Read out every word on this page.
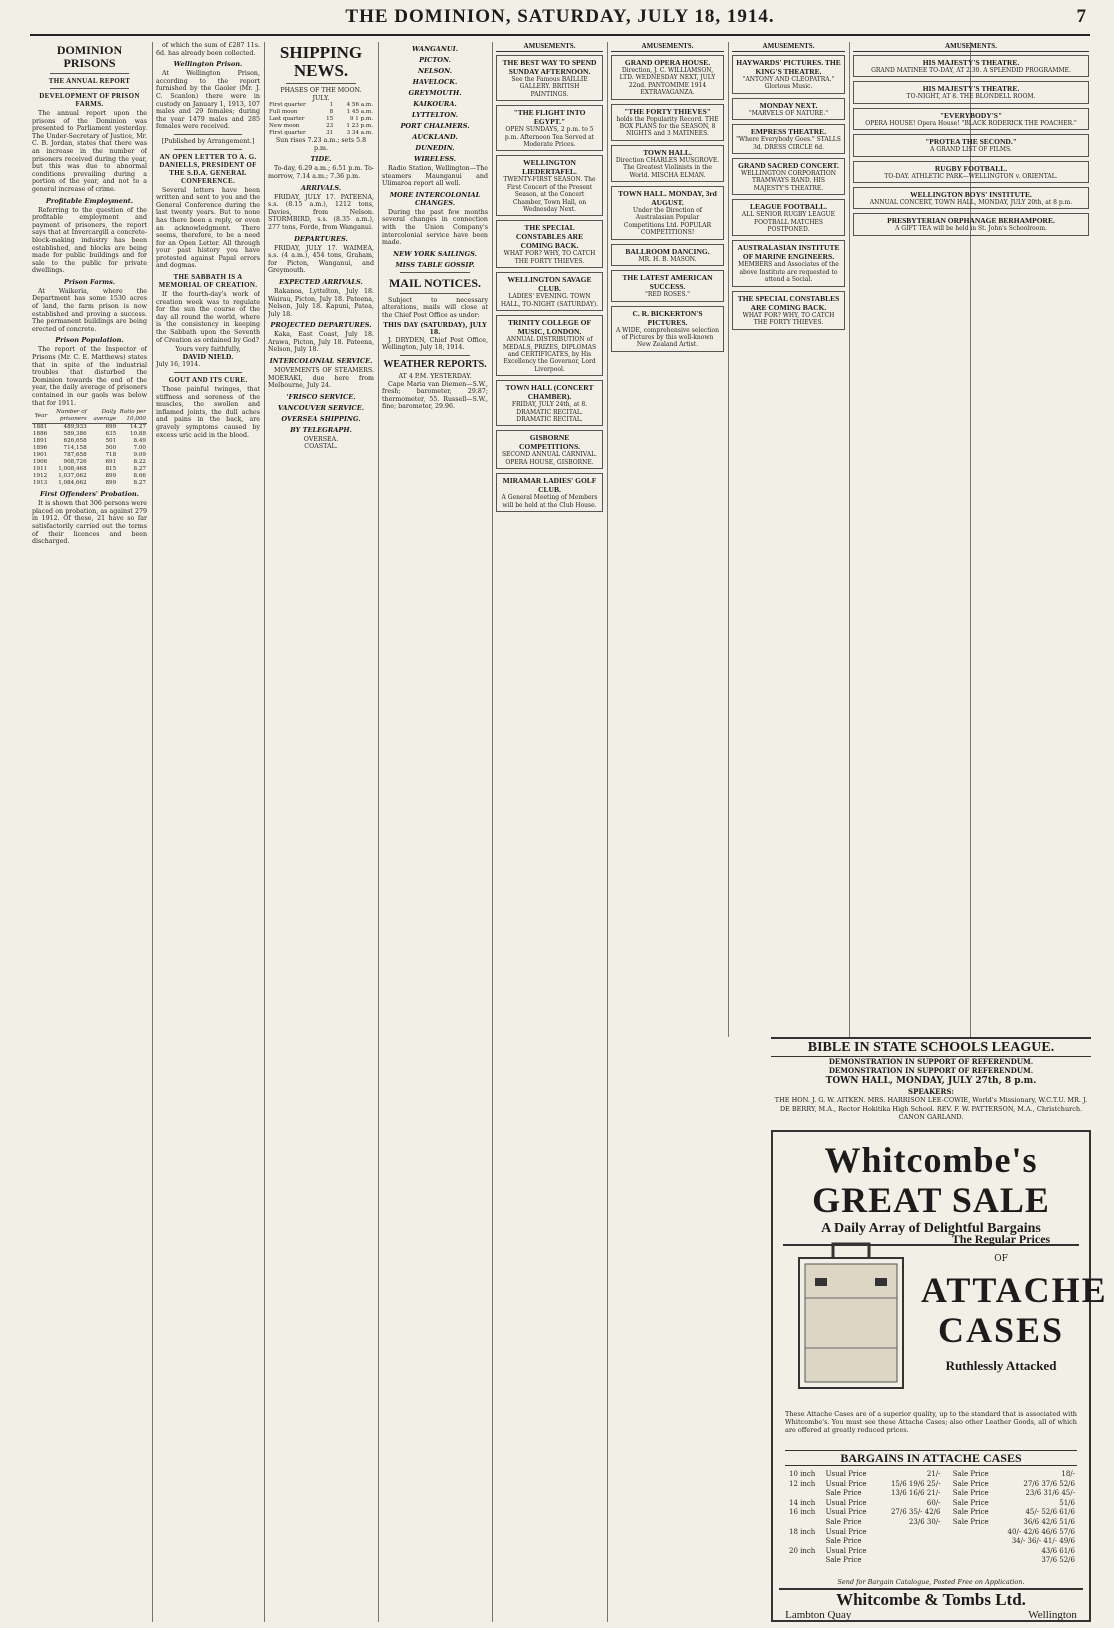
THE DOMINION, SATURDAY, JULY 18, 1914.	7
DOMINION PRISONS
THE ANNUAL REPORT
DEVELOPMENT OF PRISON FARMS.

The annual report upon the prisons of the Dominion was presented to Parliament yesterday. The Under-Secretary of Justice, Mr. C. B. Jordan, states that there was an increase in the number of prisoners received during the year, but this was due to abnormal conditions prevailing during a portion of the year, and not to a general increase of crime.

Profitable Employment.

Referring to the question of the profitable employment and payment of prisoners, the report says that at Invercargill a concrete-block-making industry has been established, and blocks are being made for public buildings and for sale to the public for private dwellings.

Prison Farms.

At Waikeria, where the Department has some 1530 acres of land, the farm prison is now established and proving a success. The permanent buildings are being erected of concrete.

Prison Population.

The report of the Inspector of Prisons (Mr. C. E. Matthews) states that in spite of the industrial troubles that disturbed the Dominion towards the end of the year, the daily average of prisoners contained in our gaols was below that for 1911.

Year	Number of prisoners	Daily average	Ratio per 10,000
1881	489,933	699	14.27
1886	589,386	635	10.88
1891	626,658	501	8.49
1896	714,158	500	7.00
1901	787,658	718	9.09
1906	908,726	691	8.22
1911	1,008,468	815	8.27
1912	1,037,062	899	8.66
1913	1,084,662	899	8.27
First Offenders' Probation.

It is shown that 306 persons were placed on probation, as against 279 in 1912. Of these, 21 have so far satisfactorily carried out the terms of their licences and been discharged.

of which the sum of £287 11s. 6d. has already been collected.

Wellington Prison.

At Wellington Prison, according to the report furnished by the Gaoler (Mr. J. C. Scanlon) there were in custody on January 1, 1913, 107 males and 29 females; during the year 1479 males and 285 females were received.

[Published by Arrangement.]
AN OPEN LETTER TO A. G. DANIELLS, PRESIDENT OF THE S.D.A. GENERAL CONFERENCE.

Several letters have been written and sent to you and the General Conference during the last twenty years. But to none has there been a reply, or even an acknowledgment. There seems, therefore, to be a need for an Open Letter. All through your past history you have protested against Papal errors and dogmas.

THE SABBATH IS A MEMORIAL OF CREATION.

If the fourth-day's work of creation week was to regulate for the sun the course of the day all round the world, where is the consistency in keeping the Sabbath upon the Seventh of Creation as ordained by God?

Yours very faithfully,
DAVID NIELD.
July 16, 1914.
GOUT AND ITS CURE.

Those painful twinges, that stiffness and soreness of the muscles, the swollen and inflamed joints, the dull aches and pains in the back, are gravely symptoms caused by excess uric acid in the blood.

SHIPPING NEWS.
PHASES OF THE MOON.
JULY.
First quarter	1	4 56 a.m.
Full moon	8	1 45 a.m.
Last quarter	15	9 1 p.m.
New moon	23	1 23 p.m.
First quarter	31	3 34 a.m.
Sun rises 7.23 a.m.; sets 5.8 p.m.
TIDE.

To-day, 6.29 a.m.; 6.51 p.m. To-morrow, 7.14 a.m.; 7.36 p.m.

ARRIVALS.

FRIDAY, JULY 17. PATEENA, s.s. (8.15 a.m.), 1212 tons, Davies, from Nelson. STORMBIRD, s.s. (8.35 a.m.), 277 tons, Forde, from Wanganui.

DEPARTURES.

FRIDAY, JULY 17. WAIMEA, s.s. (4 a.m.), 454 tons, Graham, for Picton, Wanganui, and Greymouth.

EXPECTED ARRIVALS.

Rakanoa, Lyttelton, July 18. Wairau, Picton, July 18. Pateena, Nelson, July 18. Kapuni, Patea, July 18.

PROJECTED DEPARTURES.

Kaka, East Coast, July 18. Arawa, Picton, July 18. Pateena, Nelson, July 18.

INTERCOLONIAL SERVICE.

MOVEMENTS OF STEAMERS. MOERAKI, due here from Melbourne, July 24.

'FRISCO SERVICE.
VANCOUVER SERVICE.
OVERSEA SHIPPING.
BY TELEGRAPH.
OVERSEA.
COASTAL.
WANGANUI.
PICTON.
NELSON.
HAVELOCK.
GREYMOUTH.
KAIKOURA.
LYTTELTON.
PORT CHALMERS.
AUCKLAND.
DUNEDIN.
WIRELESS.

Radio Station, Wellington—The steamers Maunganui and Ulimaroa report all well.

MORE INTERCOLONIAL CHANGES.

During the past few months several changes in connection with the Union Company's intercolonial service have been made.

NEW YORK SAILINGS.
MISS TABLE GOSSIP.
MAIL NOTICES.

Subject to necessary alterations, mails will close at the Chief Post Office as under:

THIS DAY (SATURDAY), JULY 18.

J. DRYDEN, Chief Post Office, Wellington, July 18, 1914.

WEATHER REPORTS.
AT 4 P.M. YESTERDAY.

Cape Maria van Diemen—S.W., fresh; barometer, 29.87; thermometer, 55. Russell—S.W., fine; barometer, 29.96.

AMUSEMENTS.
THE BEST WAY TO SPEND SUNDAY AFTERNOON.
See the Famous BAILLIE GALLERY. BRITISH PAINTINGS.
"THE FLIGHT INTO EGYPT."
OPEN SUNDAYS, 2 p.m. to 5 p.m. Afternoon Tea Served at Moderate Prices.
WELLINGTON LIEDERTAFEL.
TWENTY-FIRST SEASON. The First Concert of the Present Season, at the Concert Chamber, Town Hall, on Wednesday Next.
THE SPECIAL CONSTABLES ARE COMING BACK.
WHAT FOR? WHY, TO CATCH THE FORTY THIEVES.
WELLINGTON SAVAGE CLUB.
LADIES' EVENING. TOWN HALL, TO-NIGHT (SATURDAY).
TRINITY COLLEGE OF MUSIC, LONDON.
ANNUAL DISTRIBUTION of MEDALS, PRIZES, DIPLOMAS and CERTIFICATES, by His Excellency the Governor, Lord Liverpool.
TOWN HALL (CONCERT CHAMBER).
FRIDAY, JULY 24th, at 8. DRAMATIC RECITAL. DRAMATIC RECITAL.
GISBORNE COMPETITIONS.
SECOND ANNUAL CARNIVAL. OPERA HOUSE, GISBORNE.
MIRAMAR LADIES' GOLF CLUB.
A General Meeting of Members will be held at the Club House.
AMUSEMENTS.
GRAND OPERA HOUSE.
Direction, J. C. WILLIAMSON, LTD. WEDNESDAY NEXT, JULY 22nd. PANTOMIME 1914 EXTRAVAGANZA.
"THE FORTY THIEVES"
holds the Popularity Record. THE BOX PLANS for the SEASON, 8 NIGHTS and 3 MATINEES.
TOWN HALL.
Direction CHARLES MUSGROVE. The Greatest Violinists in the World. MISCHA ELMAN.
TOWN HALL. MONDAY, 3rd AUGUST.
Under the Direction of Australasian Popular Competitions Ltd. POPULAR COMPETITIONS!
BALLROOM DANCING.
MR. H. B. MASON.
THE LATEST AMERICAN SUCCESS.
"RED ROSES."
C. R. BICKERTON'S PICTURES.
A WIDE, comprehensive selection of Pictures by this well-known New Zealand Artist.
AMUSEMENTS.
HAYWARDS' PICTURES. THE KING'S THEATRE.
"ANTONY AND CLEOPATRA." Glorious Music.
MONDAY NEXT.
"MARVELS OF NATURE."
EMPRESS THEATRE.
"Where Everybody Goes." STALLS 3d. DRESS CIRCLE 6d.
GRAND SACRED CONCERT.
WELLINGTON CORPORATION TRAMWAYS BAND. HIS MAJESTY'S THEATRE.
LEAGUE FOOTBALL.
ALL SENIOR RUGBY LEAGUE FOOTBALL MATCHES POSTPONED.
AUSTRALASIAN INSTITUTE OF MARINE ENGINEERS.
MEMBERS and Associates of the above Institute are requested to attend a Social.
THE SPECIAL CONSTABLES ARE COMING BACK.
WHAT FOR? WHY, TO CATCH THE FORTY THIEVES.
AMUSEMENTS.
HIS MAJESTY'S THEATRE.
GRAND MATINEE TO-DAY, AT 2.30. A SPLENDID PROGRAMME.
HIS MAJESTY'S THEATRE.
TO-NIGHT, AT 8. THE BLONDELL ROOM.
"EVERYBODY'S"
OPERA HOUSE! Opera House! "BLACK RODERICK THE POACHER."
"PROTEA THE SECOND."
A GRAND LIST OF FILMS.
RUGBY FOOTBALL.
TO-DAY. ATHLETIC PARK—WELLINGTON v. ORIENTAL.
WELLINGTON BOYS' INSTITUTE.
ANNUAL CONCERT, TOWN HALL, MONDAY, JULY 20th, at 8 p.m.
PRESBYTERIAN ORPHANAGE BERHAMPORE.
A GIFT TEA will be held in St. John's Schoolroom.
BIBLE IN STATE SCHOOLS LEAGUE.
DEMONSTRATION IN SUPPORT OF REFERENDUM.
DEMONSTRATION IN SUPPORT OF REFERENDUM.
TOWN HALL, MONDAY, JULY 27th, 8 p.m.
SPEAKERS:
THE HON. J. G. W. AITKEN. MRS. HARRISON LEE-COWIE, World's Missionary, W.C.T.U. MR. J. DE BERRY, M.A., Rector Hokitika High School. REV. F. W. PATTERSON, M.A., Christchurch. CANON GARLAND.
Whitcombe's GREAT SALE
A Daily Array of Delightful Bargains
The Regular Prices
OF
ATTACHE CASES
Ruthlessly Attacked
These Attache Cases are of a superior quality, up to the standard that is associated with Whitcombe's. You must see these Attache Cases; also other Leather Goods, all of which are offered at greatly reduced prices.
BARGAINS IN ATTACHE CASES
10 inch	Usual Price	21/-	Sale Price	18/-
12 inch	Usual Price	15/6 19/6 25/-	Sale Price	27/6 37/6 52/6
	Sale Price	13/6 16/6 21/-	Sale Price	23/6 31/6 45/-
14 inch	Usual Price	60/-	Sale Price	51/6
16 inch	Usual Price	27/6 35/- 42/6	Sale Price	45/- 52/6 61/6
	Sale Price	23/6 30/-	Sale Price	36/6 42/6 51/6
18 inch	Usual Price			40/- 42/6 46/6 57/6
	Sale Price			34/- 36/- 41/- 49/6
20 inch	Usual Price			43/6 61/6
	Sale Price			37/6 52/6
Send for Bargain Catalogue, Posted Free on Application.
Whitcombe & Tombs Ltd.
Lambton Quay	Wellington
